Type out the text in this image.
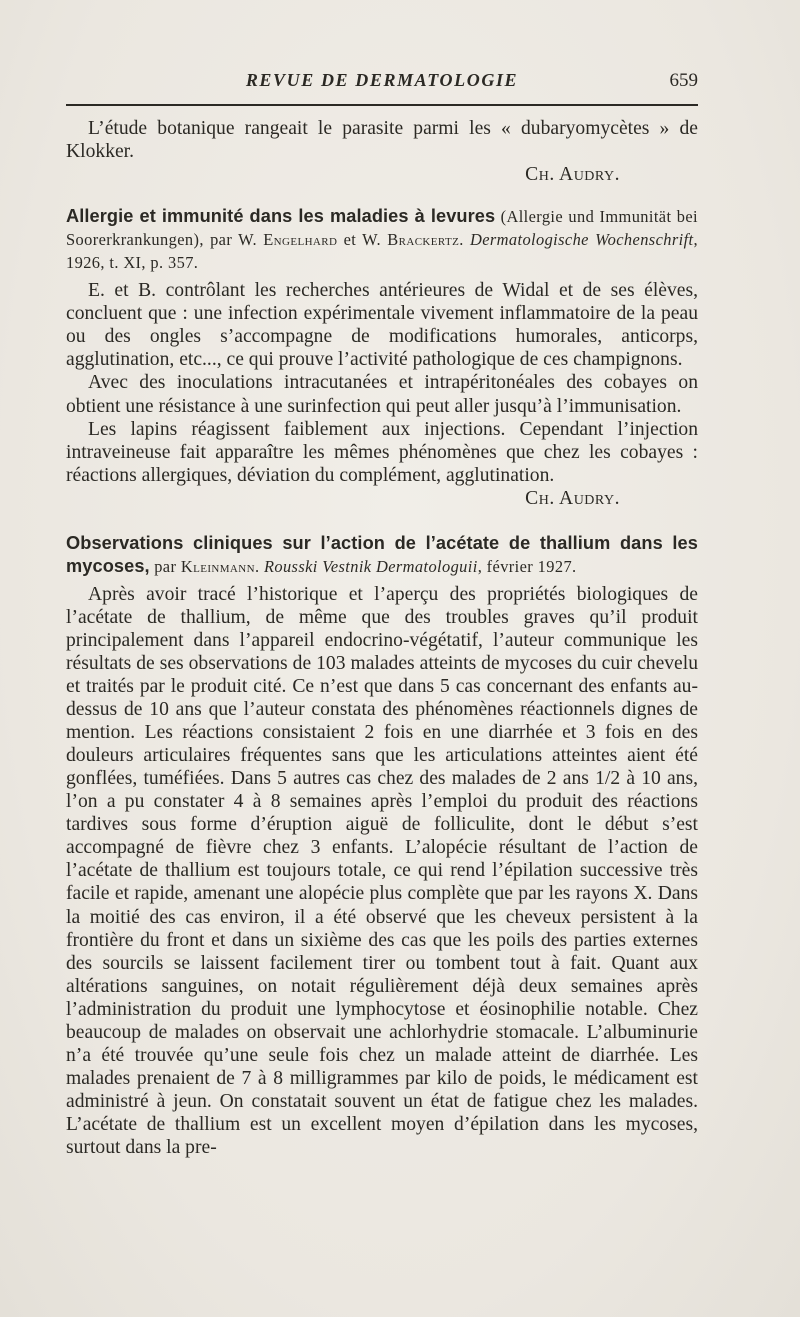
REVUE DE DERMATOLOGIE	659

L’étude botanique rangeait le parasite parmi les « dubaryomycètes » de Klokker.

Ch. Audry.

Allergie et immunité dans les maladies à levures (Allergie und Immunität bei Soorerkrankungen), par W. Engelhard et W. Brackertz. Dermatologische Wochenschrift, 1926, t. XI, p. 357.

E. et B. contrôlant les recherches antérieures de Widal et de ses élèves, concluent que : une infection expérimentale vivement inflammatoire de la peau ou des ongles s’accompagne de modifications humorales, anticorps, agglutination, etc..., ce qui prouve l’activité pathologique de ces champignons.

Avec des inoculations intracutanées et intrapéritonéales des cobayes on obtient une résistance à une surinfection qui peut aller jusqu’à l’immunisation.

Les lapins réagissent faiblement aux injections. Cependant l’injection intraveineuse fait apparaître les mêmes phénomènes que chez les cobayes : réactions allergiques, déviation du complément, agglutination.

Ch. Audry.

Observations cliniques sur l’action de l’acétate de thallium dans les mycoses, par Kleinmann. Rousski Vestnik Dermatologuii, février 1927.

Après avoir tracé l’historique et l’aperçu des propriétés biologiques de l’acétate de thallium, de même que des troubles graves qu’il produit principalement dans l’appareil endocrino-végétatif, l’auteur communique les résultats de ses observations de 103 malades atteints de mycoses du cuir chevelu et traités par le produit cité. Ce n’est que dans 5 cas concernant des enfants au-dessus de 10 ans que l’auteur constata des phénomènes réactionnels dignes de mention. Les réactions consistaient 2 fois en une diarrhée et 3 fois en des douleurs articulaires fréquentes sans que les articulations atteintes aient été gonflées, tuméfiées. Dans 5 autres cas chez des malades de 2 ans 1/2 à 10 ans, l’on a pu constater 4 à 8 semaines après l’emploi du produit des réactions tardives sous forme d’éruption aiguë de folliculite, dont le début s’est accompagné de fièvre chez 3 enfants. L’alopécie résultant de l’action de l’acétate de thallium est toujours totale, ce qui rend l’épilation successive très facile et rapide, amenant une alopécie plus complète que par les rayons X. Dans la moitié des cas environ, il a été observé que les cheveux persistent à la frontière du front et dans un sixième des cas que les poils des parties externes des sourcils se laissent facilement tirer ou tombent tout à fait. Quant aux altérations sanguines, on notait régulièrement déjà deux semaines après l’administration du produit une lymphocytose et éosinophilie notable. Chez beaucoup de malades on observait une achlorhydrie stomacale. L’albuminurie n’a été trouvée qu’une seule fois chez un malade atteint de diarrhée. Les malades prenaient de 7 à 8 milligrammes par kilo de poids, le médicament est administré à jeun. On constatait souvent un état de fatigue chez les malades. L’acétate de thallium est un excellent moyen d’épilation dans les mycoses, surtout dans la pre-
